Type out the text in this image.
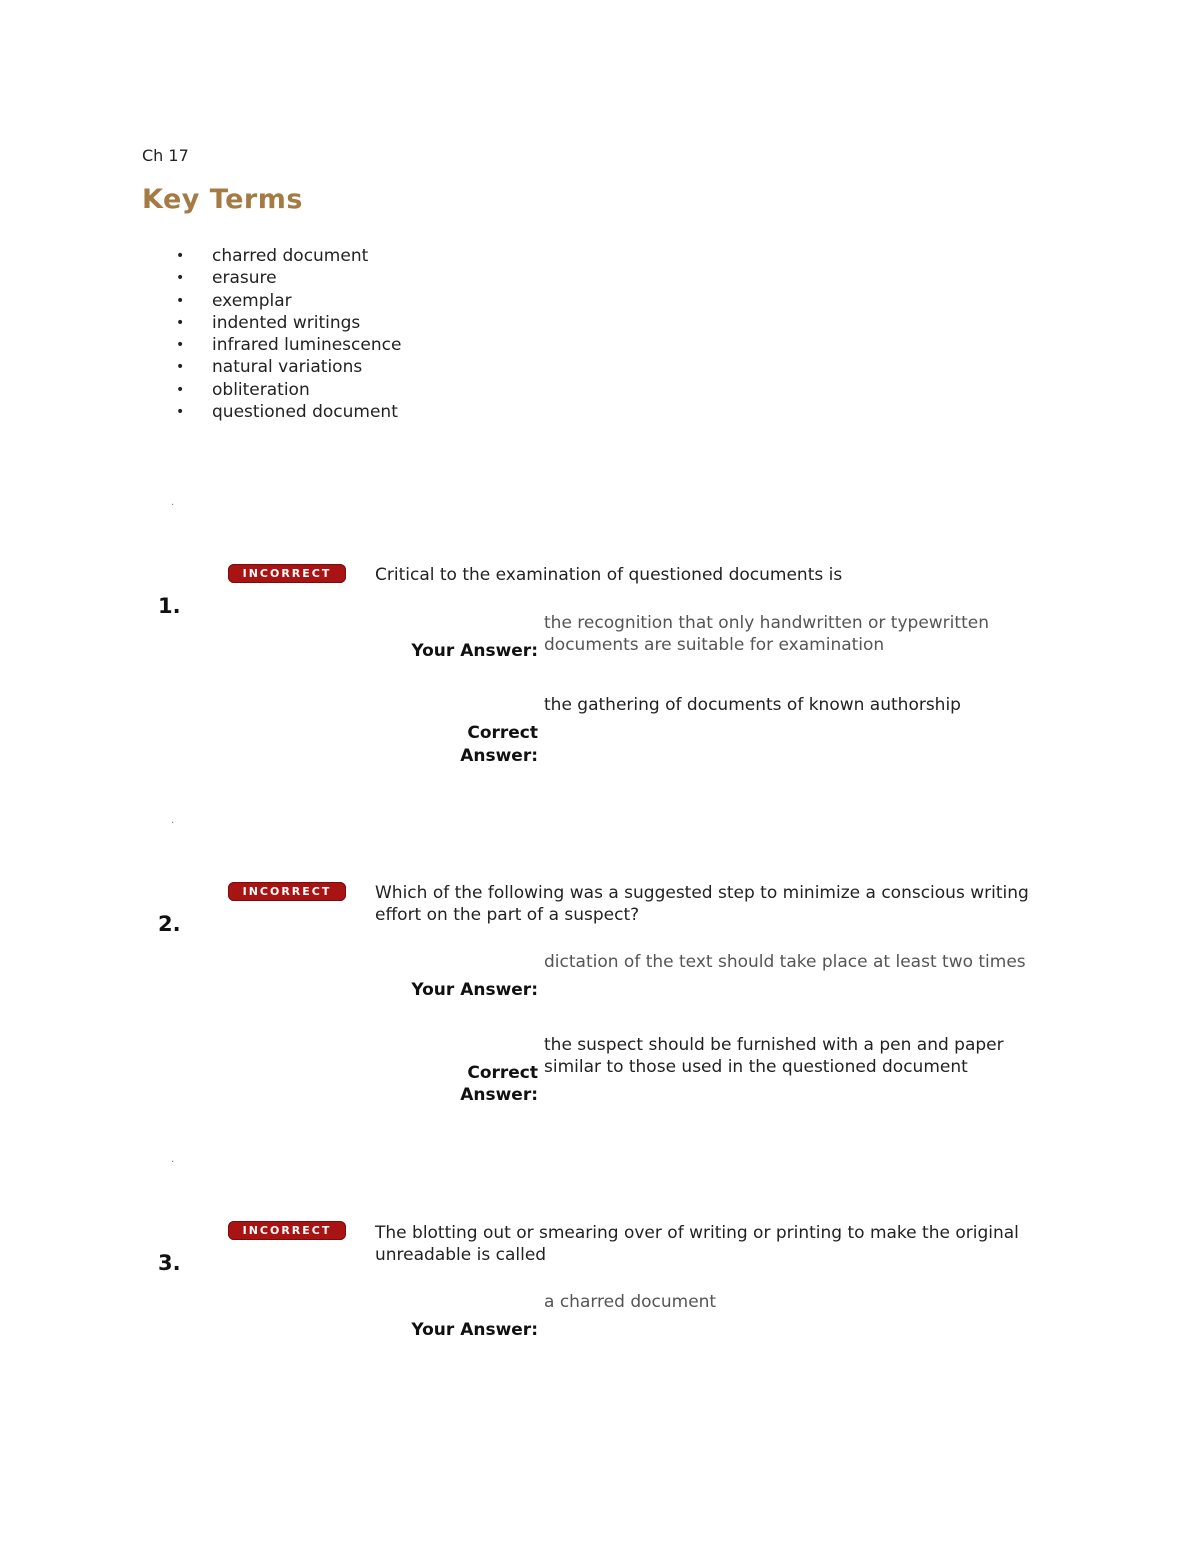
Ch 17
Key Terms
• charred document
• erasure
• exemplar
• indented writings
• infrared luminescence
• natural variations
• obliteration
• questioned document
.
INCORRECT
1.
Critical to the examination of questioned documents is
Your Answer:
the recognition that only handwritten or typewritten documents are suitable for examination
Correct
Answer:
the gathering of documents of known authorship
.
INCORRECT
2.
Which of the following was a suggested step to minimize a conscious writing effort on the part of a suspect?
Your Answer:
dictation of the text should take place at least two times
Correct
Answer:
the suspect should be furnished with a pen and paper similar to those used in the questioned document
.
INCORRECT
3.
The blotting out or smearing over of writing or printing to make the original unreadable is called
Your Answer:
a charred document
